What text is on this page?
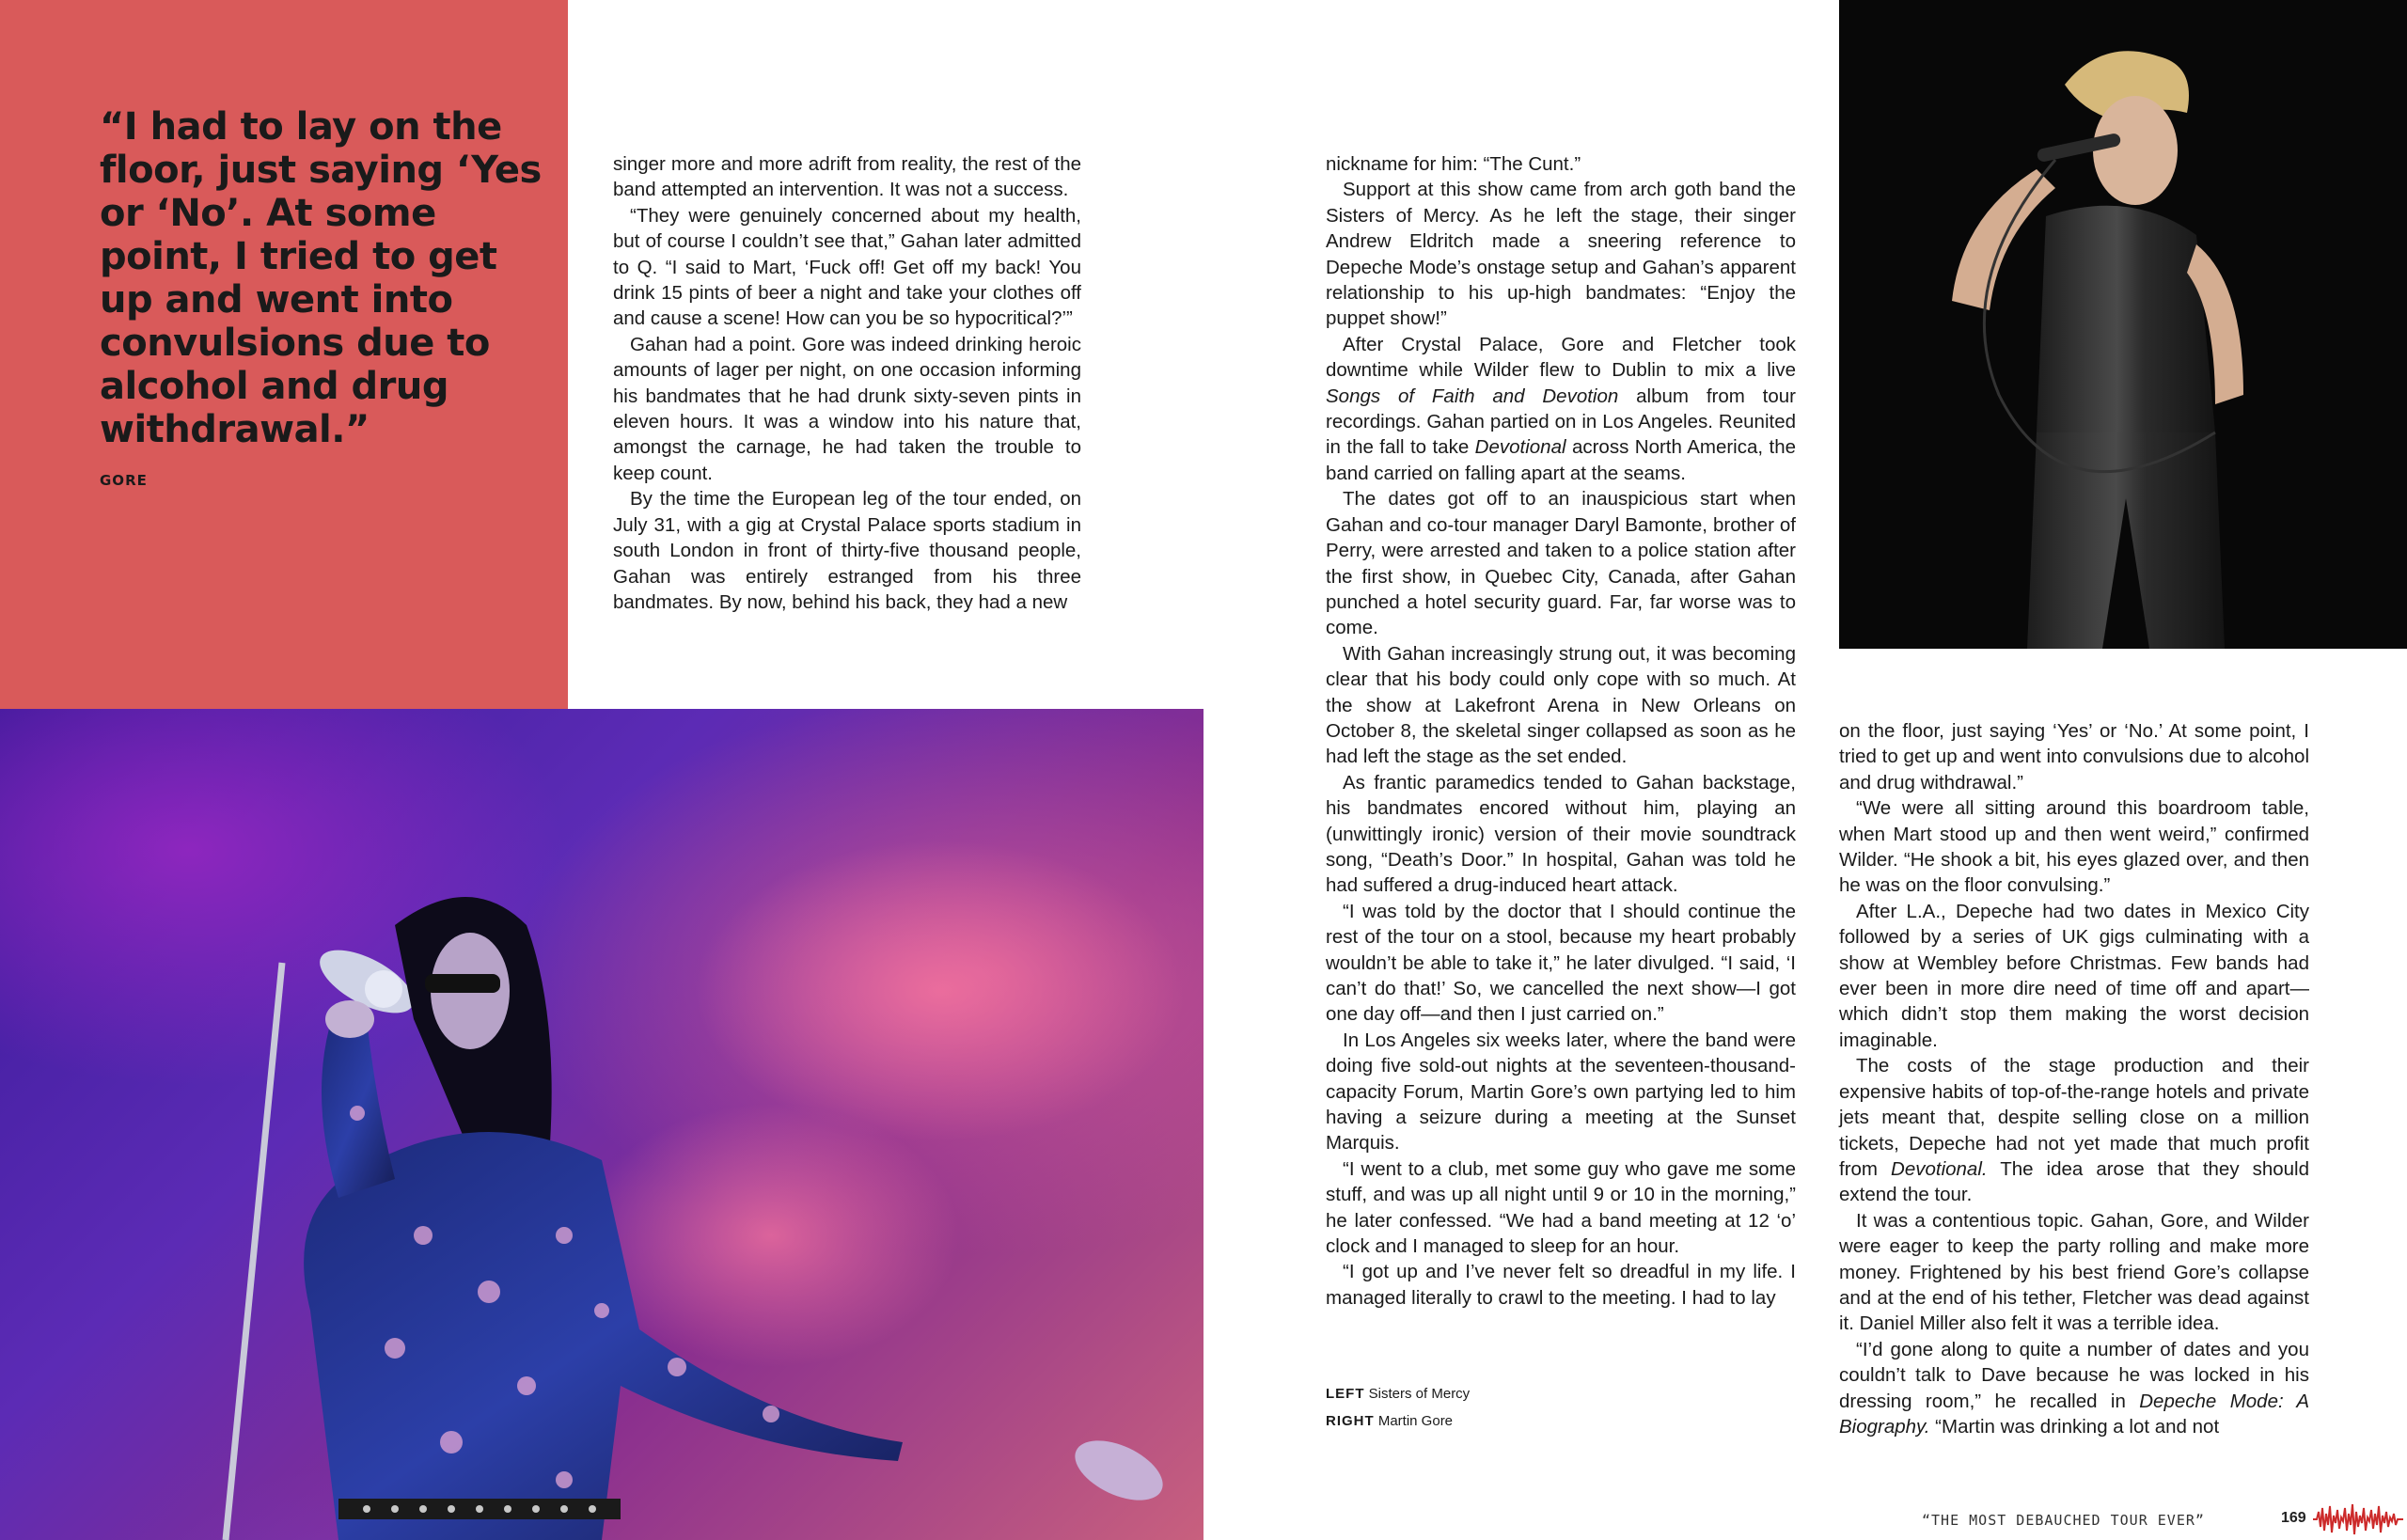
“I had to lay on the floor, just saying ‘Yes or ‘No’. At some point, I tried to get up and went into convulsions due to alcohol and drug withdrawal.”
GORE

singer more and more adrift from reality, the rest of the band attempted an intervention. It was not a success.

“They were genuinely concerned about my health, but of course I couldn’t see that,” Gahan later admitted to Q. “I said to Mart, ‘Fuck off! Get off my back! You drink 15 pints of beer a night and take your clothes off and cause a scene! How can you be so hypocritical?’”

Gahan had a point. Gore was indeed drinking heroic amounts of lager per night, on one occasion informing his bandmates that he had drunk sixty-seven pints in eleven hours. It was a window into his nature that, amongst the carnage, he had taken the trouble to keep count.

By the time the European leg of the tour ended, on July 31, with a gig at Crystal Palace sports stadium in south London in front of thirty-five thousand people, Gahan was entirely estranged from his three bandmates. By now, behind his back, they had a new

nickname for him: “The Cunt.”

Support at this show came from arch goth band the Sisters of Mercy. As he left the stage, their singer Andrew Eldritch made a sneering reference to Depeche Mode’s onstage setup and Gahan’s apparent relationship to his up-high bandmates: “Enjoy the puppet show!”

After Crystal Palace, Gore and Fletcher took downtime while Wilder flew to Dublin to mix a live Songs of Faith and Devotion album from tour recordings. Gahan partied on in Los Angeles. Reunited in the fall to take Devotional across North America, the band carried on falling apart at the seams.

The dates got off to an inauspicious start when Gahan and co-tour manager Daryl Bamonte, brother of Perry, were arrested and taken to a police station after the first show, in Quebec City, Canada, after Gahan punched a hotel security guard. Far, far worse was to come.

With Gahan increasingly strung out, it was becoming clear that his body could only cope with so much. At the show at Lakefront Arena in New Orleans on October 8, the skeletal singer collapsed as soon as he had left the stage as the set ended.

As frantic paramedics tended to Gahan backstage, his bandmates encored without him, playing an (unwittingly ironic) version of their movie soundtrack song, “Death’s Door.” In hospital, Gahan was told he had suffered a drug-induced heart attack.

“I was told by the doctor that I should continue the rest of the tour on a stool, because my heart probably wouldn’t be able to take it,” he later divulged. “I said, ‘I can’t do that!’ So, we cancelled the next show—I got one day off—and then I just carried on.”

In Los Angeles six weeks later, where the band were doing five sold-out nights at the seventeen-thousand-capacity Forum, Martin Gore’s own partying led to him having a seizure during a meeting at the Sunset Marquis.

“I went to a club, met some guy who gave me some stuff, and was up all night until 9 or 10 in the morning,” he later confessed. “We had a band meeting at 12 ‘o’ clock and I managed to sleep for an hour.

“I got up and I’ve never felt so dreadful in my life. I managed literally to crawl to the meeting. I had to lay

LEFT Sisters of Mercy
RIGHT Martin Gore

on the floor, just saying ‘Yes’ or ‘No.’ At some point, I tried to get up and went into convulsions due to alcohol and drug withdrawal.”

“We were all sitting around this boardroom table, when Mart stood up and then went weird,” confirmed Wilder. “He shook a bit, his eyes glazed over, and then he was on the floor convulsing.”

After L.A., Depeche had two dates in Mexico City followed by a series of UK gigs culminating with a show at Wembley before Christmas. Few bands had ever been in more dire need of time off and apart—which didn’t stop them making the worst decision imaginable.

The costs of the stage production and their expensive habits of top-of-the-range hotels and private jets meant that, despite selling close on a million tickets, Depeche had not yet made that much profit from Devotional. The idea arose that they should extend the tour.

It was a contentious topic. Gahan, Gore, and Wilder were eager to keep the party rolling and make more money. Frightened by his best friend Gore’s collapse and at the end of his tether, Fletcher was dead against it. Daniel Miller also felt it was a terrible idea.

“I’d gone along to quite a number of dates and you couldn’t talk to Dave because he was locked in his dressing room,” he recalled in Depeche Mode: A Biography. “Martin was drinking a lot and not

“THE MOST DEBAUCHED TOUR EVER”	169
